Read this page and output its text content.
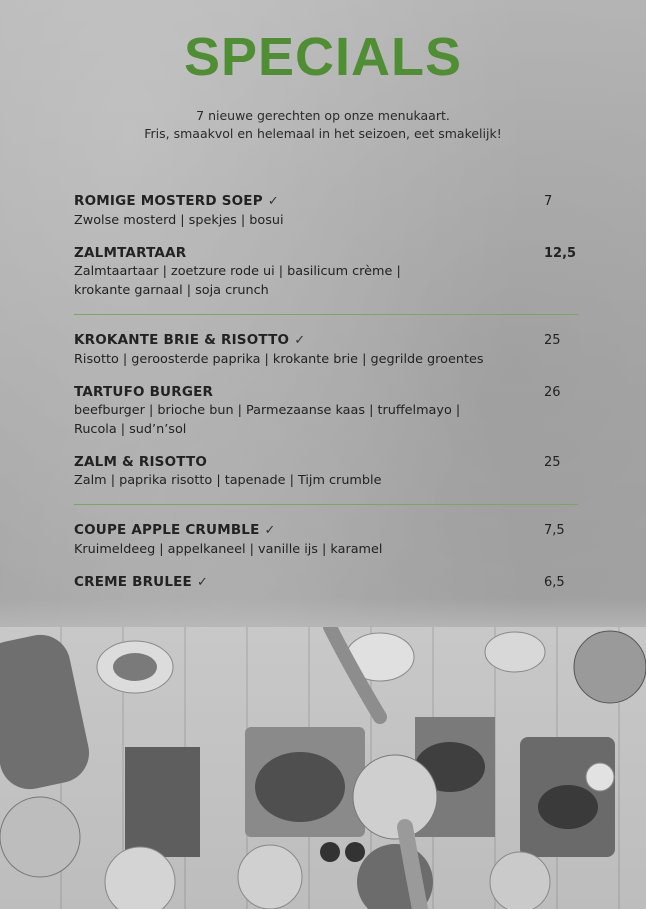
SPECIALS
7 nieuwe gerechten op onze menukaart.
Fris, smaakvol en helemaal in het seizoen, eet smakelijk!
ROMIGE MOSTERD SOEP ✓
Zwolse mosterd | spekjes | bosui
7
ZALMTARTAAR
Zalmtaartaar | zoetzure rode ui | basilicum crème |
krokante garnaal | soja crunch
12,5
KROKANTE BRIE & RISOTTO ✓
Risotto | geroosterde paprika | krokante brie | gegrilde groentes
25
TARTUFO BURGER
beefburger | brioche bun | Parmezaanse kaas | truffelmayo |
Rucola | sud’n’sol
26
ZALM & RISOTTO
Zalm | paprika risotto | tapenade | Tijm crumble
25
COUPE APPLE CRUMBLE ✓
Kruimeldeeg | appelkaneel | vanille ijs | karamel
7,5
CREME BRULEE ✓	6,5
